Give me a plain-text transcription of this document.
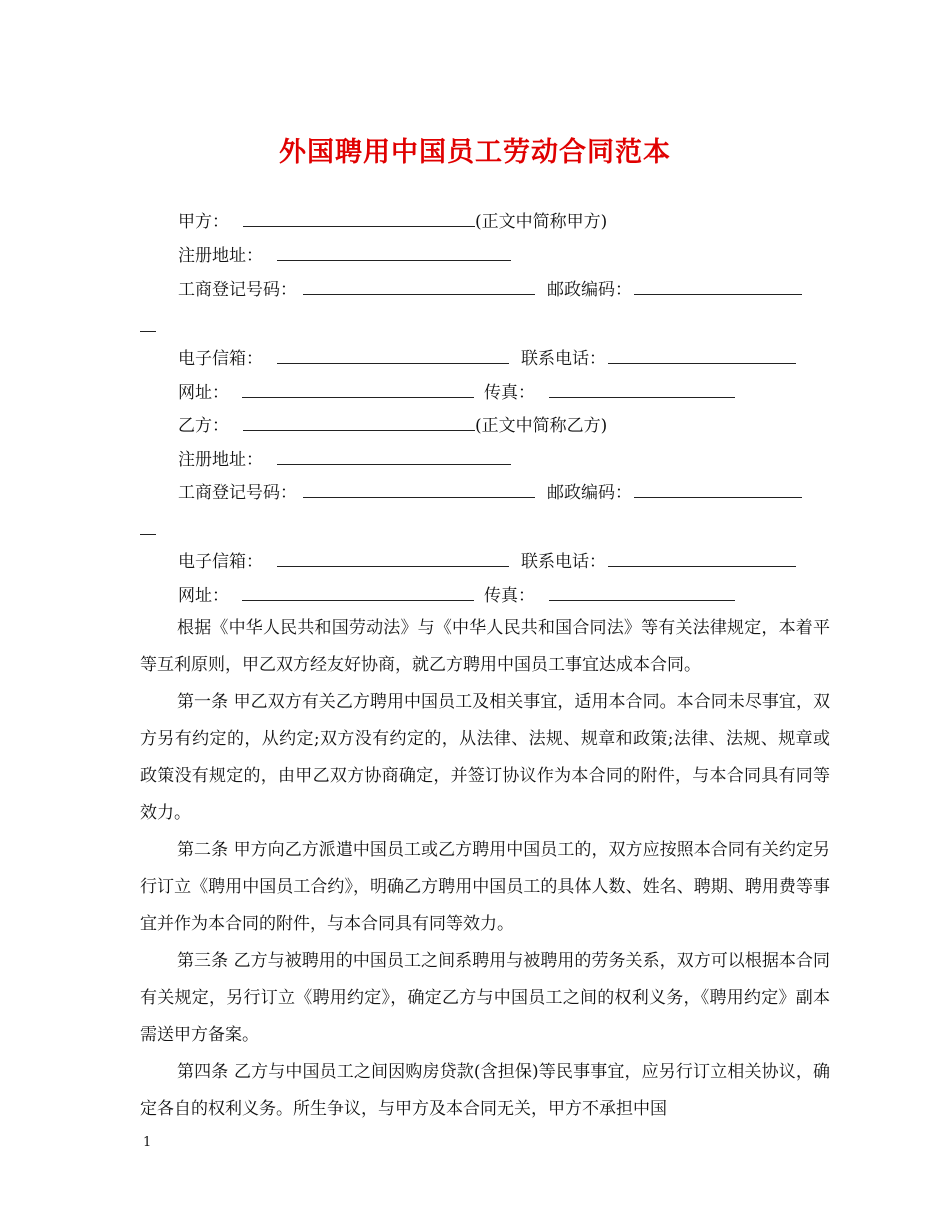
外国聘用中国员工劳动合同范本
甲方：	(正文中简称甲方)
注册地址：
工商登记号码：	邮政编码：
电子信箱：	联系电话：
网址：	传真：
乙方：	(正文中简称乙方)
注册地址：
工商登记号码：	邮政编码：
电子信箱：	联系电话：
网址：	传真：
根据《中华人民共和国劳动法》与《中华人民共和国合同法》等有关法律规定，本着平等互利原则，甲乙双方经友好协商，就乙方聘用中国员工事宜达成本合同。
第一条 甲乙双方有关乙方聘用中国员工及相关事宜，适用本合同。本合同未尽事宜，双方另有约定的，从约定;双方没有约定的，从法律、法规、规章和政策;法律、法规、规章或政策没有规定的，由甲乙双方协商确定，并签订协议作为本合同的附件，与本合同具有同等效力。
第二条 甲方向乙方派遣中国员工或乙方聘用中国员工的，双方应按照本合同有关约定另行订立《聘用中国员工合约》，明确乙方聘用中国员工的具体人数、姓名、聘期、聘用费等事宜并作为本合同的附件，与本合同具有同等效力。
第三条 乙方与被聘用的中国员工之间系聘用与被聘用的劳务关系，双方可以根据本合同有关规定，另行订立《聘用约定》，确定乙方与中国员工之间的权利义务，《聘用约定》副本需送甲方备案。
第四条 乙方与中国员工之间因购房贷款(含担保)等民事事宜，应另行订立相关协议，确定各自的权利义务。所生争议，与甲方及本合同无关，甲方不承担中国
1
